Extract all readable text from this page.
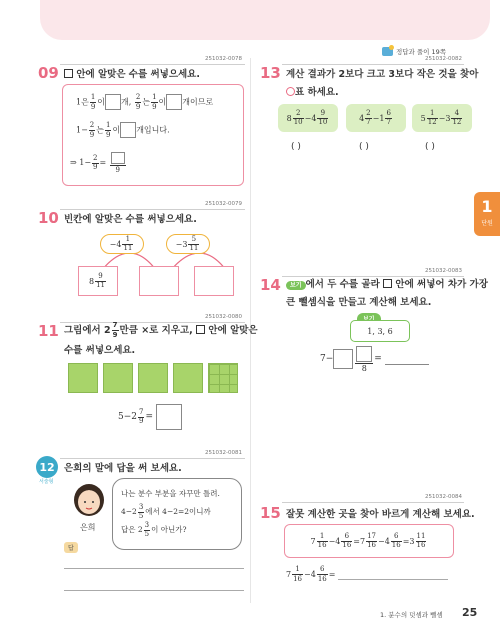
정답과 풀이 19쪽
251032-0078
09	안에 알맞은 수를 써넣으세요.
1은 $\frac{1}{9}$ 이 개, $\frac{2}{9}$ 는 $\frac{1}{9}$ 이 개이므로
$1- \frac{2}{9}$ 는 $\frac{1}{9}$ 이 개입니다.
⇒ $1- \frac{2}{9}$ =
9
251032-0079
10 빈칸에 알맞은 수를 써넣으세요.
$-4 \frac{1}{11}$	$-3 \frac{5}{11}$
$8 \frac{9}{11}$
251032-0080
11 그림에서 $2 \frac{7}{9}$ 만큼 ×로 지우고, 안에 알맞은
수를 써넣으세요.
$5-2 \frac{7}{9}$ =
251032-0081
12
서술형
은희의 말에 답을 써 보세요.
은희
나는 분수 부분을 자꾸만 틀려.
$4-2 \frac{3}{5}$ 에서 4−2=2이니까
답은 $2 \frac{3}{5}$ 이 아닌가?
답
251032-0082
13 계산 결과가 2보다 크고 3보다 작은 것을 찾아
표 하세요.
$8 \frac{2}{10} -4 \frac{9}{10}$	$4 \frac{2}{7} -1 \frac{6}{7}$	$5 \frac{1}{12} -3 \frac{4}{12}$
( )	( )	( )
1
단원
251032-0083
14	보기 에서 두 수를 골라 안에 써넣어 차가 가장
큰 뺄셈식을 만들고 계산해 보세요.
1, 3, 6
7−
8
=
251032-0084
15 잘못 계산한 곳을 찾아 바르게 계산해 보세요.
$7 \frac{1}{16} -4 \frac{6}{16} =7 \frac{17}{16} -4 \frac{6}{16} =3 \frac{11}{16}$
$7 \frac{1}{16} -4 \frac{6}{16}$ =
1. 분수의 덧셈과 뺄셈 25
